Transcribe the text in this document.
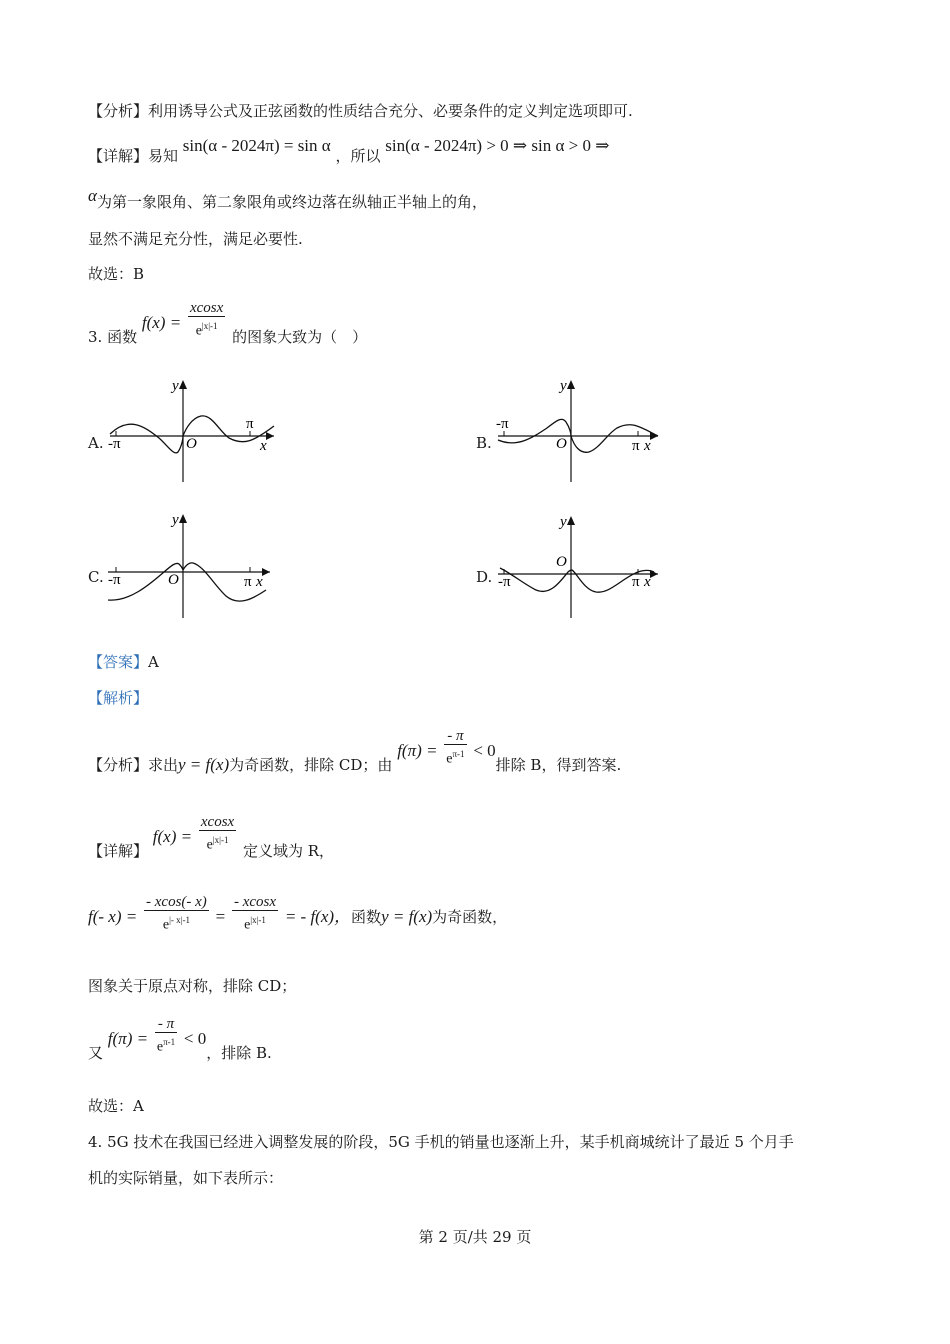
【分析】利用诱导公式及正弦函数的性质结合充分、必要条件的定义判定选项即可.
【详解】易知 sin(α - 2024π) = sin α ，所以 sin(α - 2024π) > 0 ⇒ sin α > 0 ⇒
α为第一象限角、第二象限角或终边落在纵轴正半轴上的角，
显然不满足充分性，满足必要性.
故选：B
3. 函数 $f(x) = \frac{xcosx}{e^{|x|-1}}$ 的图象大致为（　）
A. -π
π
O	x
y
B.
-π
π
O	x
y
C. -π	π
O	x
y
D. -π	π
O
x
y
【答案】A
【解析】
【分析】求出y = f(x)为奇函数，排除 CD；由 $f(\pi) = \frac{- \pi}{e^{\pi-1}} < 0$排除 B，得到答案.
【详解】 $f(x) = \frac{xcosx}{e^{|x|-1}}$ 定义域为 R，
f(- $x) = \frac{- xcos(- x)}{e^{|- x|-1}} = \frac{- xcosx}{e^{|x|-1}}$ = - f(x)，函数y = f(x)为奇函数，
图象关于原点对称，排除 CD；
又 $f(\pi) = \frac{- \pi}{e^{\pi-1}} < 0$，排除 B.
故选：A
4. 5G 技术在我国已经进入调整发展的阶段，5G 手机的销量也逐渐上升，某手机商城统计了最近 5 个月手
机的实际销量，如下表所示：
第 2 页/共 29 页
